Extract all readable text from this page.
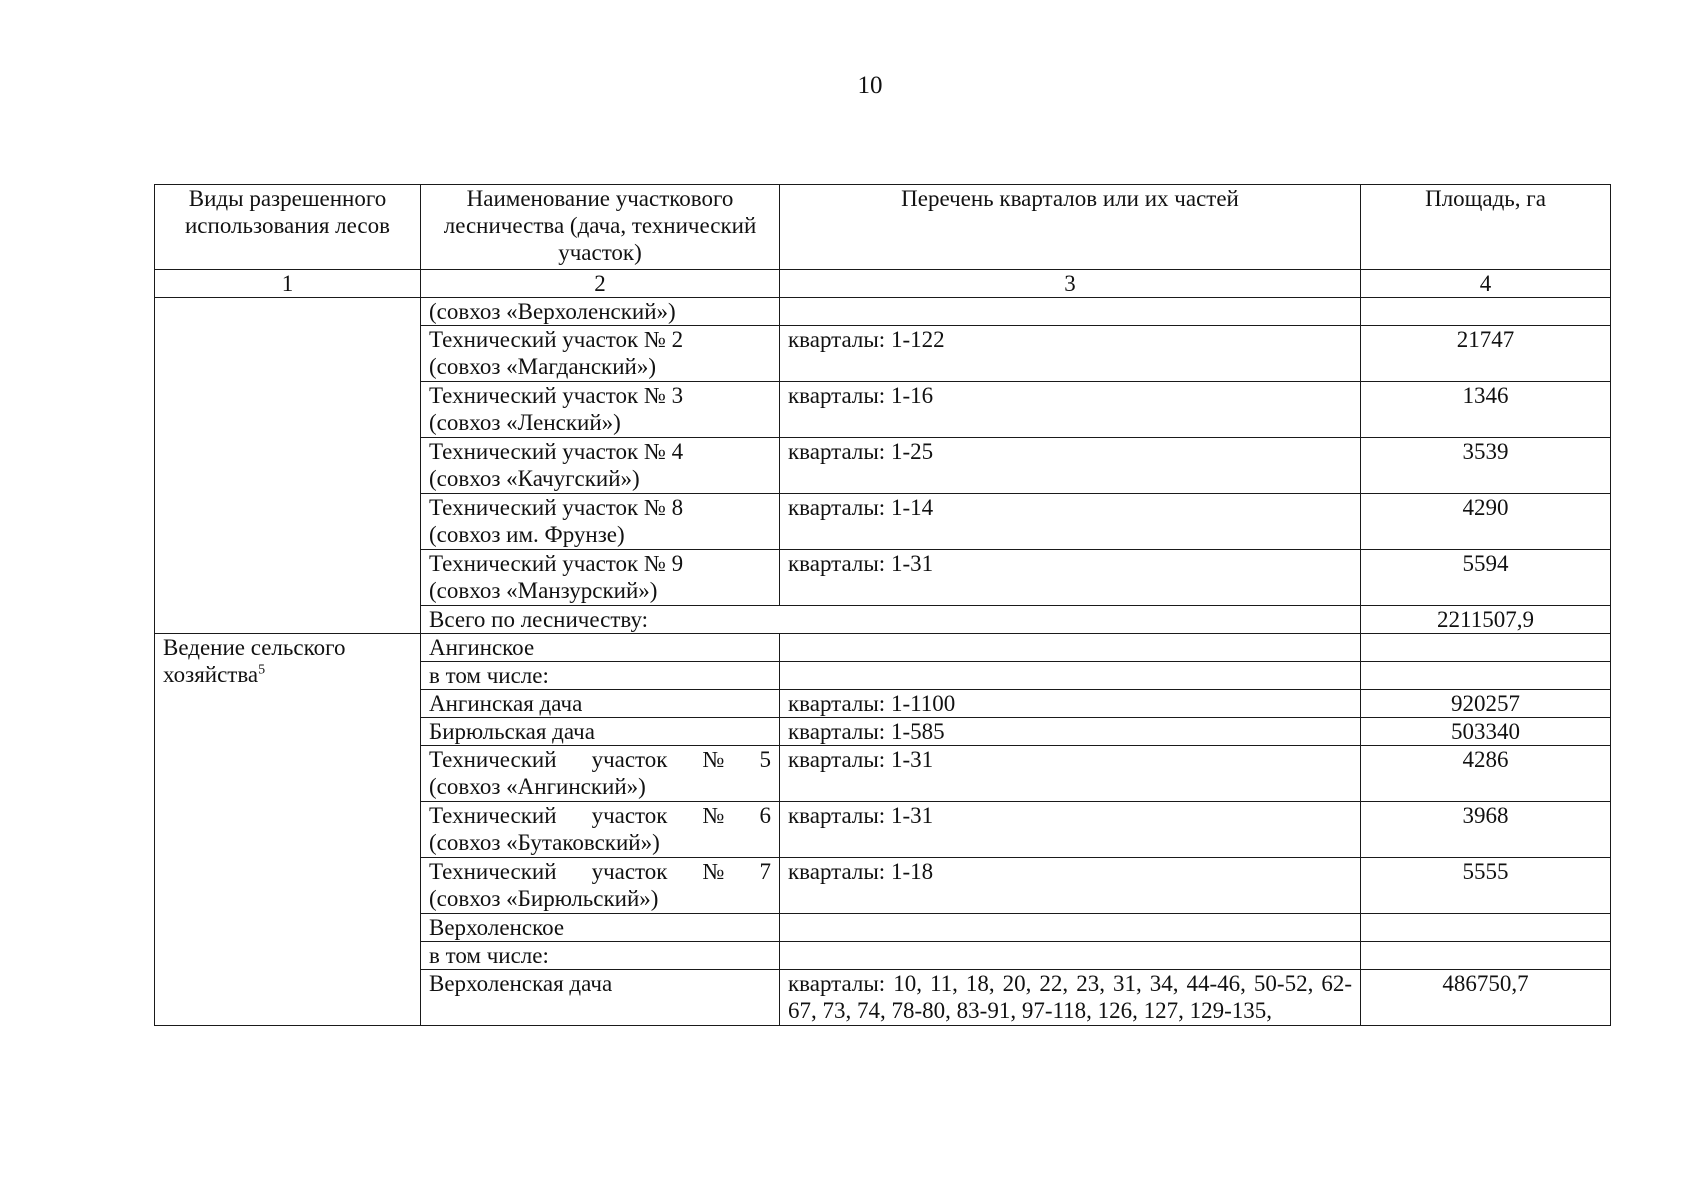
10
Виды разрешенного использования лесов	Наименование участкового лесничества (дача, технический участок)	Перечень кварталов или их частей	Площадь, га
1	2	3	4

	(совхоз «Верхоленский»)		

	Технический участок № 2
(совхоз «Магданский»)	кварталы: 1-122	21747

	Технический участок № 3
(совхоз «Ленский»)	кварталы: 1-16	1346

	Технический участок № 4
(совхоз «Качугский»)	кварталы: 1-25	3539

	Технический участок № 8
(совхоз им. Фрунзе)	кварталы: 1-14	4290

	Технический участок № 9
(совхоз «Манзурский»)	кварталы: 1-31	5594
	Всего по лесничеству:		2211507,9
Ведение сельского хозяйства$^5$	Ангинское		

	в том числе:		

	Ангинская дача	кварталы: 1-1100	920257

	Бирюльская дача	кварталы: 1-585	503340

	Технический участок № 5
(совхоз «Ангинский»)	кварталы: 1-31	4286

	Технический участок № 6
(совхоз «Бутаковский»)	кварталы: 1-31	3968

	Технический участок № 7
(совхоз «Бирюльский»)	кварталы: 1-18	5555

	Верхоленское		

	в том числе:		

	Верхоленская дача	кварталы: 10, 11, 18, 20, 22, 23, 31, 34, 44-46, 50-52, 62-67, 73, 74, 78-80, 83-91, 97-118, 126, 127, 129-135,	486750,7
